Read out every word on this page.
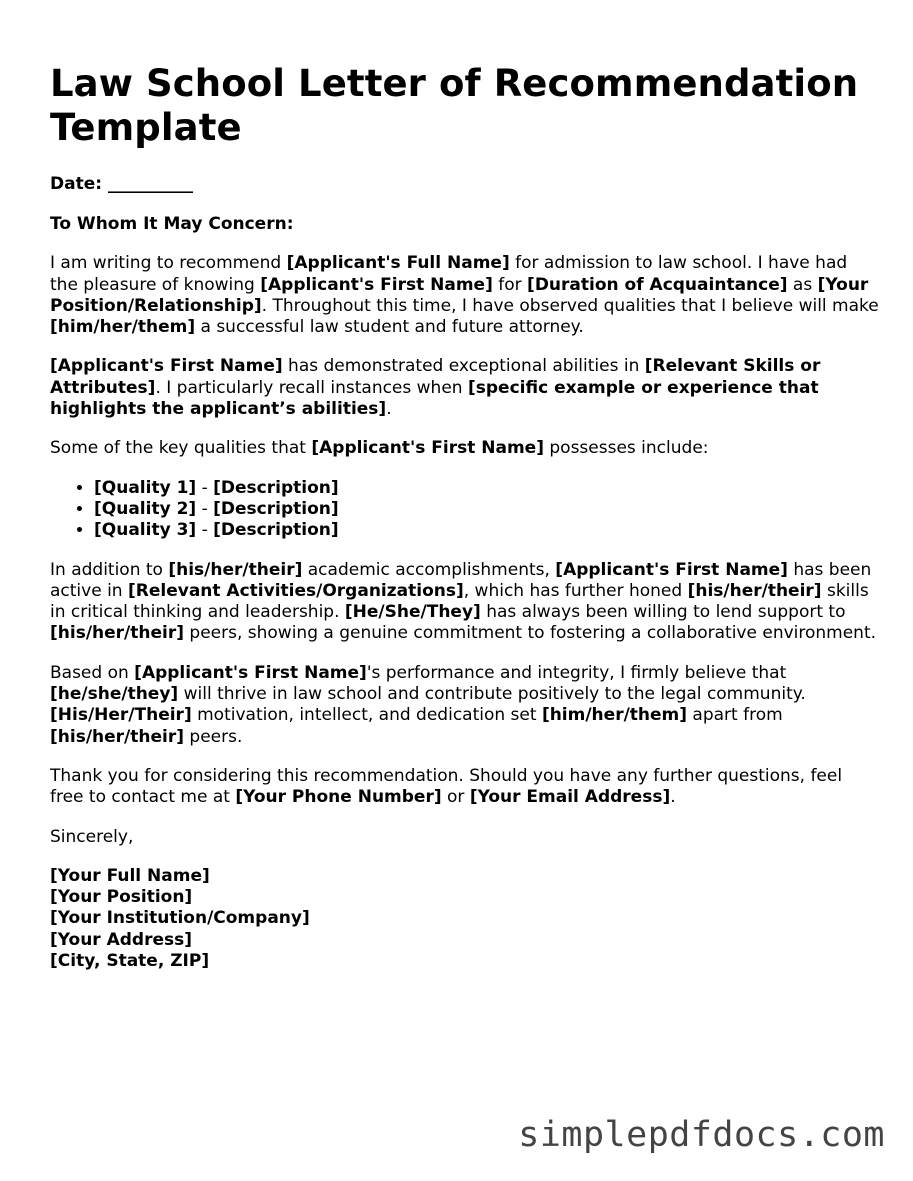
Law School Letter of Recommendation Template
Date: __________

To Whom It May Concern:

I am writing to recommend [Applicant's Full Name] for admission to law school. I have had the pleasure of knowing [Applicant's First Name] for [Duration of Acquaintance] as [Your Position/Relationship]. Throughout this time, I have observed qualities that I believe will make [him/her/them] a successful law student and future attorney.

[Applicant's First Name] has demonstrated exceptional abilities in [Relevant Skills or Attributes]. I particularly recall instances when [specific example or experience that highlights the applicant’s abilities].

Some of the key qualities that [Applicant's First Name] possesses include:

• [Quality 1] - [Description]
• [Quality 2] - [Description]
• [Quality 3] - [Description]

In addition to [his/her/their] academic accomplishments, [Applicant's First Name] has been active in [Relevant Activities/Organizations], which has further honed [his/her/their] skills in critical thinking and leadership. [He/She/They] has always been willing to lend support to [his/her/their] peers, showing a genuine commitment to fostering a collaborative environment.

Based on [Applicant's First Name]'s performance and integrity, I firmly believe that [he/she/they] will thrive in law school and contribute positively to the legal community. [His/Her/Their] motivation, intellect, and dedication set [him/her/them] apart from [his/her/their] peers.

Thank you for considering this recommendation. Should you have any further questions, feel free to contact me at [Your Phone Number] or [Your Email Address].

Sincerely,

[Your Full Name]
[Your Position]
[Your Institution/Company]
[Your Address]
[City, State, ZIP]
simplepdfdocs.com
